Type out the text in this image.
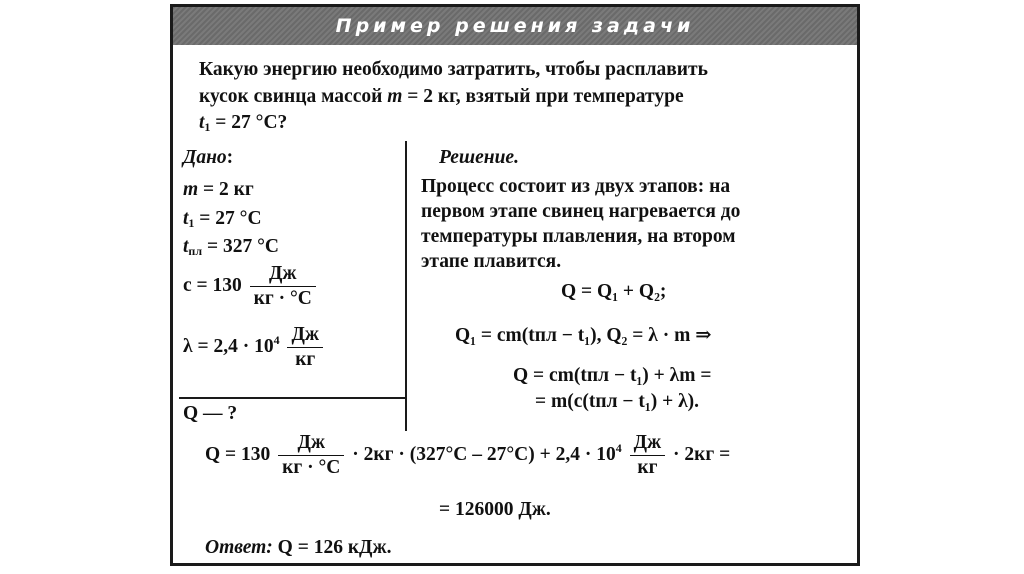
Пример решения задачи
Какую энергию необходимо затратить, чтобы расплавить
кусок свинца массой m = 2 кг, взятый при температуре
$t_1 = 27$ °С?
Дано:
m = 2 кг
$t_1 = 27$ °С
$t_{пл} = 327$ °С
$c = 130 \frac{Дж}{кг \cdot ^\circ С}$
$\lambda = 2,4 \cdot 10^4 \frac{Дж}{кг}$
Q — ?
Решение.
Процесс состоит из двух этапов: на
первом этапе свинец нагревается до
температуры плавления, на втором
этапе плавится.
Q = Q₁ + Q₂;
Q₁ = cm(tпл − t₁), Q₂ = λ · m ⇒
Q = cm(tпл − t₁) + λm =
= m(c(tпл − t₁) + λ).
$Q = 130 \frac{Дж}{кг \cdot ^\circ С} \cdot 2кг \cdot (327^\circ С - 27^\circ С) + 2,4 \cdot 10^4 \frac{Дж}{кг} \cdot 2кг$ =
= 126000 Дж.
Ответ: Q = 126 кДж.
